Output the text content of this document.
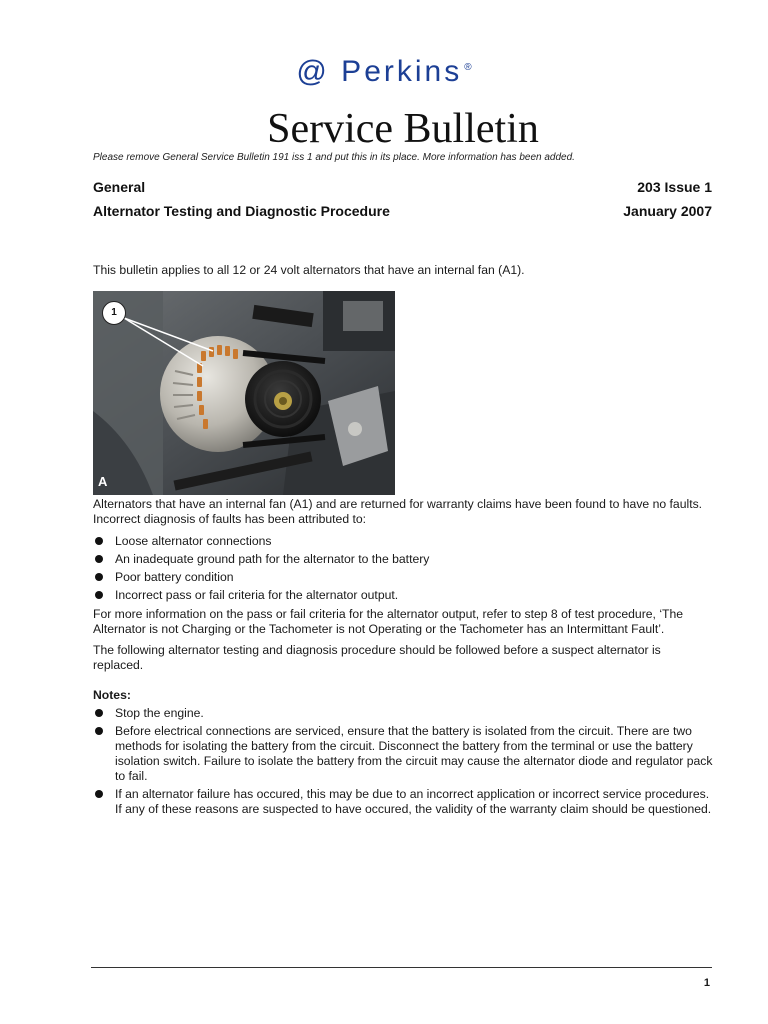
@ Perkins ®
Service Bulletin
Please remove General Service Bulletin 191 iss 1 and put this in its place. More information has been added.
General	203 Issue 1
Alternator Testing and Diagnostic Procedure	January 2007
This bulletin applies to all 12 or 24 volt alternators that have an internal fan (A1).
1
A
Alternators that have an internal fan (A1) and are returned for warranty claims have been found to have no faults. Incorrect diagnosis of faults has been attributed to:
Loose alternator connections
An inadequate ground path for the alternator to the battery
Poor battery condition
Incorrect pass or fail criteria for the alternator output.
For more information on the pass or fail criteria for the alternator output, refer to step 8 of test procedure, ‘The Alternator is not Charging or the Tachometer is not Operating or the Tachometer has an Intermittant Fault’.
The following alternator testing and diagnosis procedure should be followed before a suspect alternator is replaced.
Notes:
Stop the engine.
Before electrical connections are serviced, ensure that the battery is isolated from the circuit. There are two methods for isolating the battery from the circuit. Disconnect the battery from the terminal or use the battery isolation switch. Failure to isolate the battery from the circuit may cause the alternator diode and regulator pack to fail.
If an alternator failure has occured, this may be due to an incorrect application or incorrect service procedures. If any of these reasons are suspected to have occured, the validity of the warranty claim should be questioned.
1
